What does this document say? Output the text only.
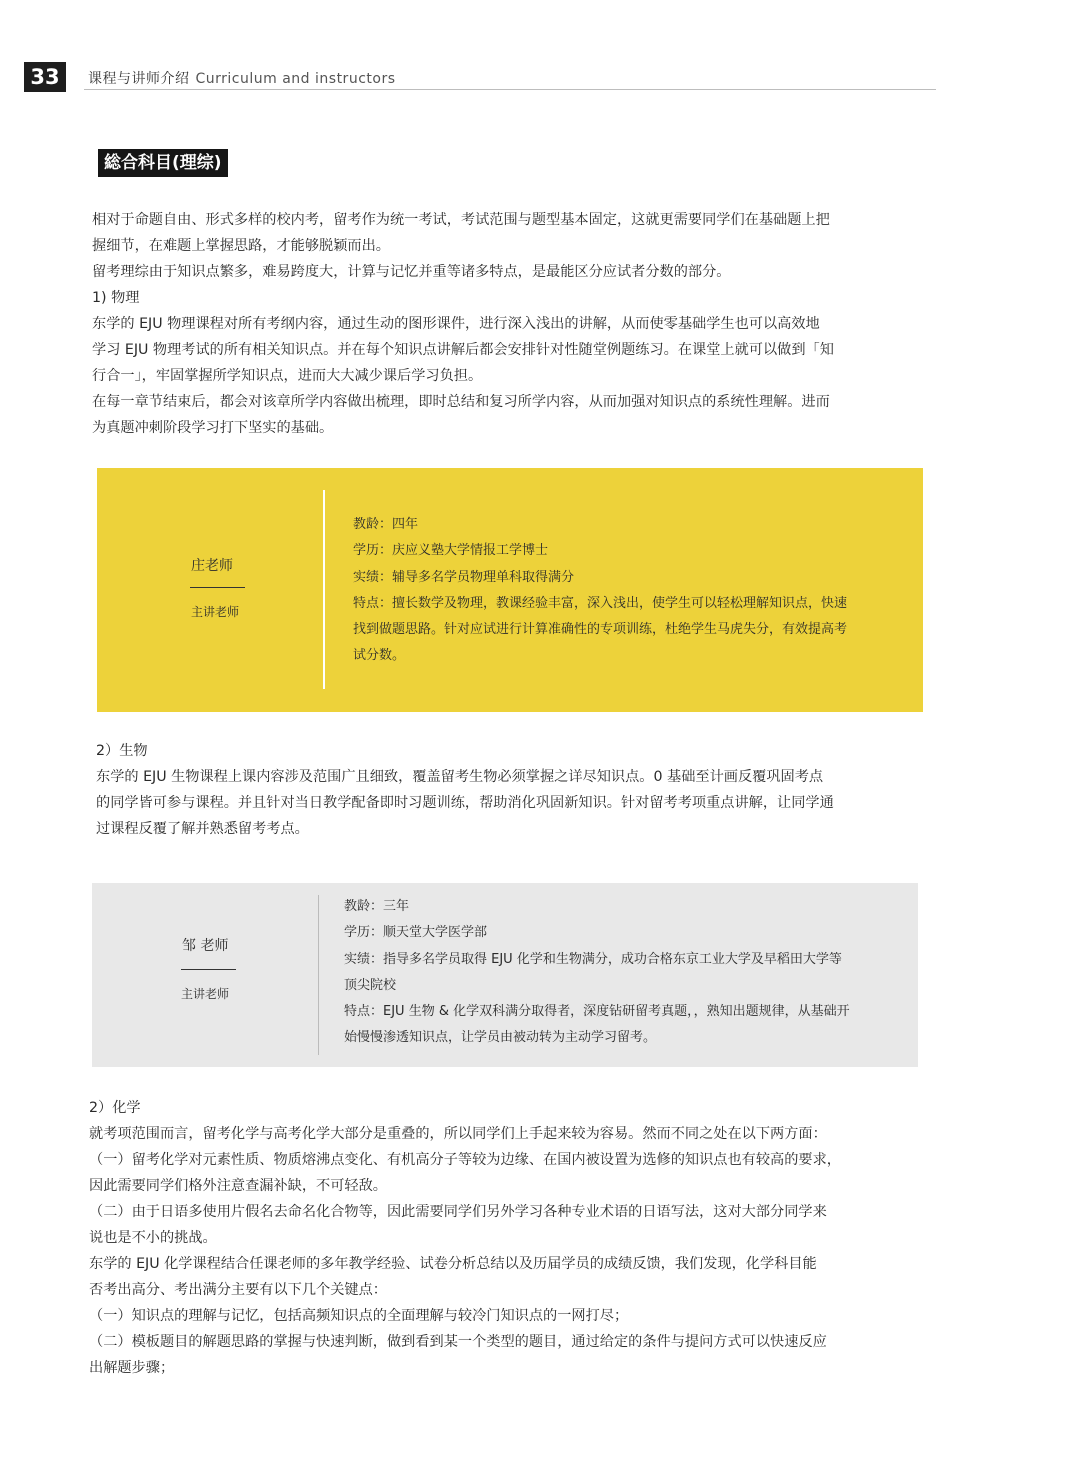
33	课程与讲师介绍 Curriculum and instructors
総合科目(理综)

相对于命题自由、形式多样的校内考，留考作为统一考试，考试范围与题型基本固定，这就更需要同学们在基础题上把

握细节，在难题上掌握思路，才能够脱颖而出。

留考理综由于知识点繁多，难易跨度大，计算与记忆并重等诸多特点，是最能区分应试者分数的部分。

1) 物理

东学的 EJU 物理课程对所有考纲内容，通过生动的图形课件，进行深入浅出的讲解，从而使零基础学生也可以高效地

学习 EJU 物理考试的所有相关知识点。并在每个知识点讲解后都会安排针对性随堂例题练习。在课堂上就可以做到「知

行合一」，牢固掌握所学知识点，进而大大减少课后学习负担。

在每一章节结束后，都会对该章所学内容做出梳理，即时总结和复习所学内容，从而加强对知识点的系统性理解。进而

为真题冲刺阶段学习打下坚实的基础。

庄老师
主讲老师

教龄：四年

学历：庆应义塾大学情报工学博士

实绩：辅导多名学员物理单科取得满分

特点：擅长数学及物理，教课经验丰富，深入浅出，使学生可以轻松理解知识点，快速

找到做题思路。针对应试进行计算准确性的专项训练，杜绝学生马虎失分，有效提高考

试分数。

2）生物

东学的 EJU 生物课程上课内容涉及范围广且细致，覆盖留考生物必须掌握之详尽知识点。0 基础至计画反覆巩固考点

的同学皆可参与课程。并且针对当日教学配备即时习题训练，帮助消化巩固新知识。针对留考考项重点讲解，让同学通

过课程反覆了解并熟悉留考考点。

邹 老师
主讲老师

教龄：三年

学历：顺天堂大学医学部

实绩：指导多名学员取得 EJU 化学和生物满分，成功合格东京工业大学及早稻田大学等

顶尖院校

特点：EJU 生物 & 化学双科满分取得者，深度钻研留考真题，，熟知出题规律，从基础开

始慢慢渗透知识点，让学员由被动转为主动学习留考。

2）化学

就考项范围而言，留考化学与高考化学大部分是重叠的，所以同学们上手起来较为容易。然而不同之处在以下两方面：

（一）留考化学对元素性质、物质熔沸点变化、有机高分子等较为边缘、在国内被设置为选修的知识点也有较高的要求，

因此需要同学们格外注意查漏补缺，不可轻敌。

（二）由于日语多使用片假名去命名化合物等，因此需要同学们另外学习各种专业术语的日语写法，这对大部分同学来

说也是不小的挑战。

东学的 EJU 化学课程结合任课老师的多年教学经验、试卷分析总结以及历届学员的成绩反馈，我们发现，化学科目能

否考出高分、考出满分主要有以下几个关键点：

（一）知识点的理解与记忆，包括高频知识点的全面理解与较冷门知识点的一网打尽；

（二）模板题目的解题思路的掌握与快速判断，做到看到某一个类型的题目，通过给定的条件与提问方式可以快速反应

出解题步骤；
